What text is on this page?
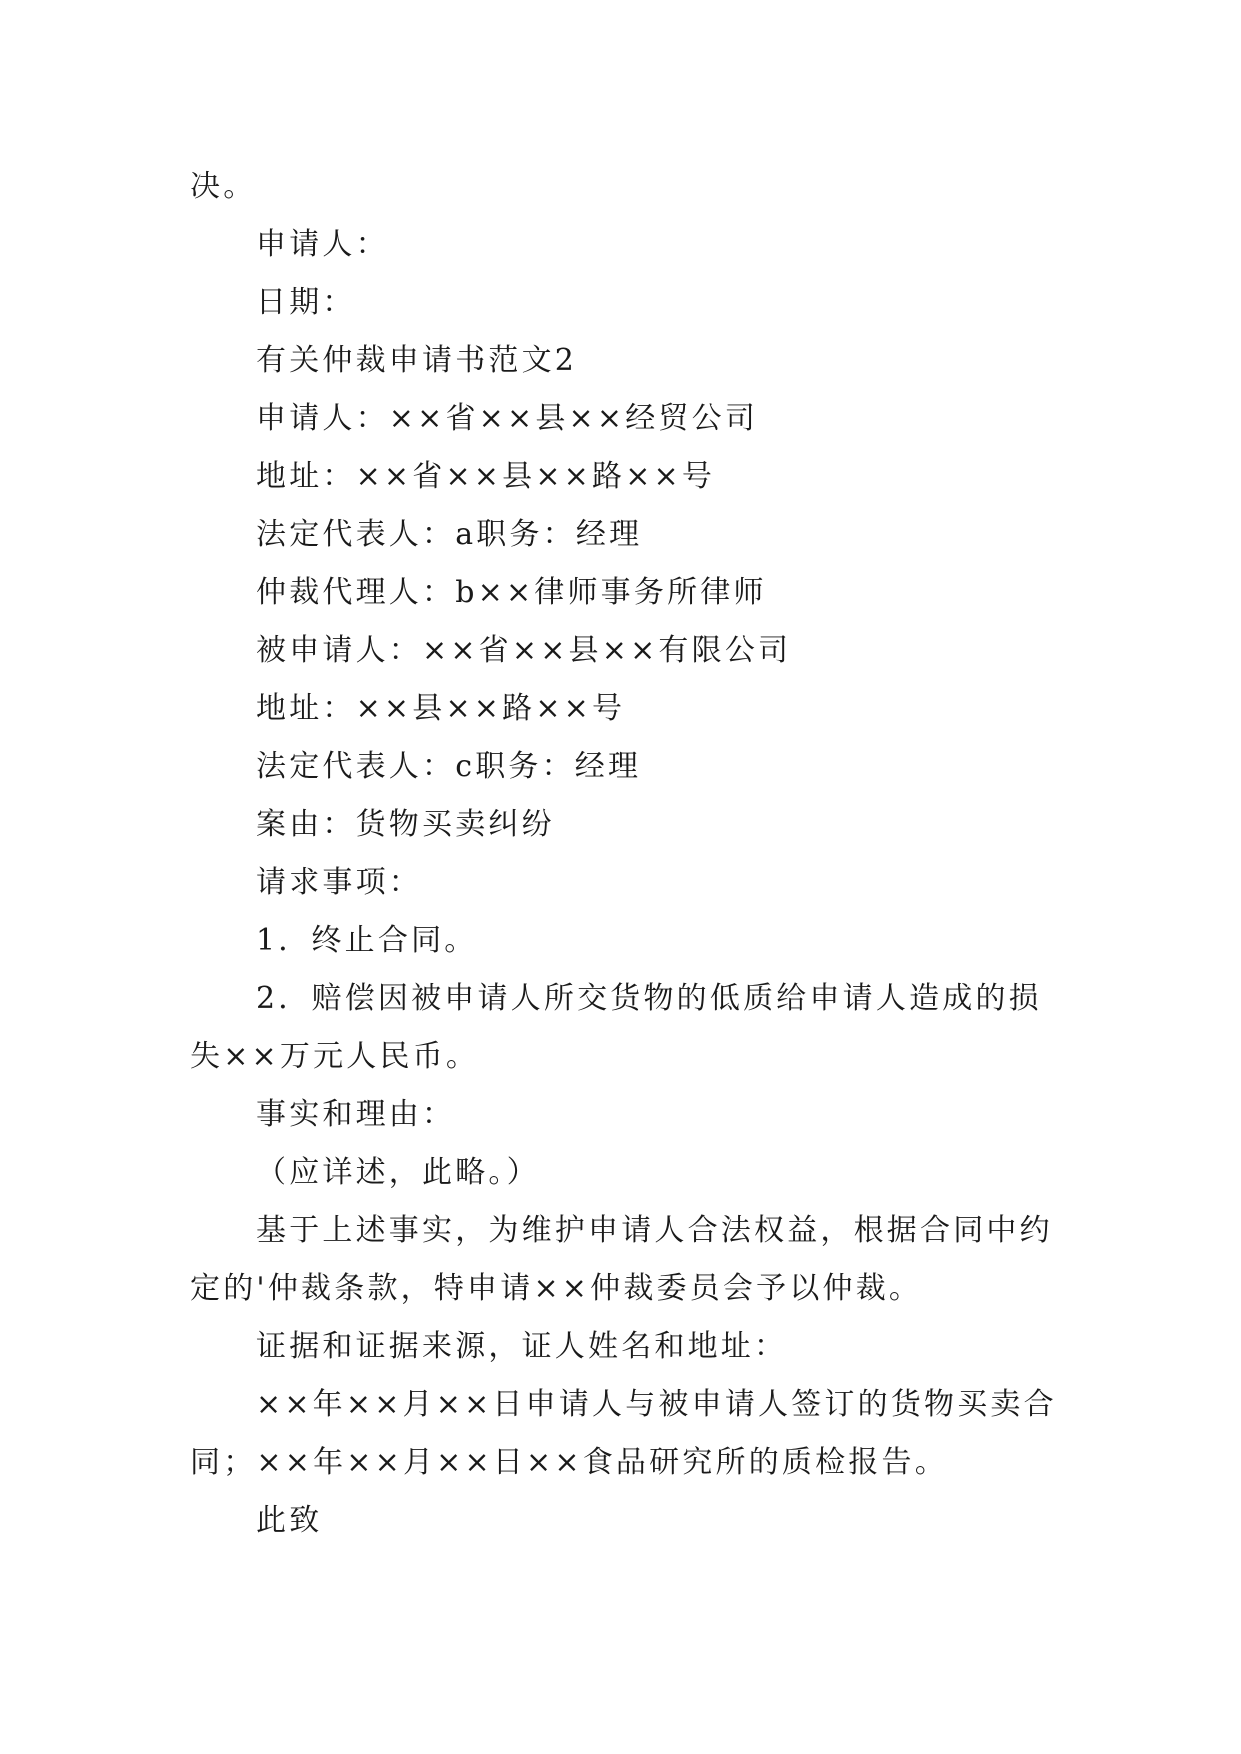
决。

申请人：

日期：

有关仲裁申请书范文2

申请人：××省××县××经贸公司

地址：××省××县××路××号

法定代表人：a职务：经理

仲裁代理人：b××律师事务所律师

被申请人：××省××县××有限公司

地址：××县××路××号

法定代表人：c职务：经理

案由：货物买卖纠纷

请求事项：

1．终止合同。

2．赔偿因被申请人所交货物的低质给申请人造成的损失××万元人民币。

事实和理由：

（应详述，此略。）

基于上述事实，为维护申请人合法权益，根据合同中约定的'仲裁条款，特申请××仲裁委员会予以仲裁。

证据和证据来源，证人姓名和地址：

××年××月××日申请人与被申请人签订的货物买卖合同；××年××月××日××食品研究所的质检报告。

此致
